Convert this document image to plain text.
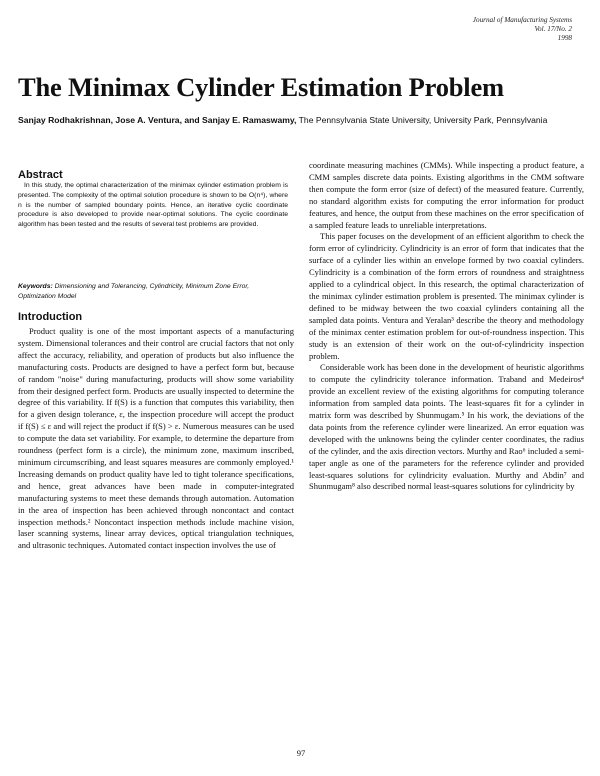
Journal of Manufacturing Systems
Vol. 17/No. 2
1998
The Minimax Cylinder Estimation Problem

Sanjay Rodhakrishnan, Jose A. Ventura, and Sanjay E. Ramaswamy, The Pennsylvania State University, University Park, Pennsylvania

Abstract

In this study, the optimal characterization of the minimax cylinder estimation problem is presented. The complexity of the optimal solution procedure is shown to be O(n⁴), where n is the number of sampled boundary points. Hence, an iterative cyclic coordinate procedure is also developed to provide near-optimal solutions. The cyclic coordinate algorithm has been tested and the results of several test problems are provided.

Keywords: Dimensioning and Tolerancing, Cylindricity, Minimum Zone Error, Optimization Model

Introduction

Product quality is one of the most important aspects of a manufacturing system. Dimensional tolerances and their control are crucial factors that not only affect the accuracy, reliability, and operation of products but also influence the manufacturing costs. Products are designed to have a perfect form but, because of random "noise" during manufacturing, products will show some variability from their designed perfect form. Products are usually inspected to determine the degree of this variability. If f(S) is a function that computes this variability, then for a given design tolerance, ε, the inspection procedure will accept the product if f(S) ≤ ε and will reject the product if f(S) > ε. Numerous measures can be used to compute the data set variability. For example, to determine the departure from roundness (perfect form is a circle), the minimum zone, maximum inscribed, minimum circumscribing, and least squares measures are commonly employed.¹ Increasing demands on product quality have led to tight tolerance specifications, and hence, great advances have been made in computer-integrated manufacturing systems to meet these demands through automation. Automation in the area of inspection has been achieved through noncontact and contact inspection methods.² Noncontact inspection methods include machine vision, laser scanning systems, linear array devices, optical triangulation techniques, and ultrasonic techniques. Automated contact inspection involves the use of

coordinate measuring machines (CMMs). While inspecting a product feature, a CMM samples discrete data points. Existing algorithms in the CMM software then compute the form error (size of defect) of the measured feature. Currently, no standard algorithm exists for computing the error information for product features, and hence, the output from these machines on the error specification of a sampled feature leads to unreliable interpretations.

This paper focuses on the development of an efficient algorithm to check the form error of cylindricity. Cylindricity is an error of form that indicates that the surface of a cylinder lies within an envelope formed by two coaxial cylinders. Cylindricity is a combination of the form errors of roundness and straightness applied to a cylindrical object. In this research, the optimal characterization of the minimax cylinder estimation problem is presented. The minimax cylinder is defined to be midway between the two coaxial cylinders containing all the sampled data points. Ventura and Yeralan³ describe the theory and methodology of the minimax center estimation problem for out-of-roundness inspection. This study is an extension of their work on the out-of-cylindricity inspection problem.

Considerable work has been done in the development of heuristic algorithms to compute the cylindricity tolerance information. Traband and Medeiros⁴ provide an excellent review of the existing algorithms for computing tolerance information from sampled data points. The least-squares fit for a cylinder in matrix form was described by Shunmugam.⁵ In his work, the deviations of the data points from the reference cylinder were linearized. An error equation was developed with the unknowns being the cylinder center coordinates, the radius of the cylinder, and the axis direction vectors. Murthy and Rao⁶ included a semi-taper angle as one of the parameters for the reference cylinder and provided least-squares solutions for cylindricity evaluation. Murthy and Abdin⁷ and Shunmugam⁸ also described normal least-squares solutions for cylindricity by

97
